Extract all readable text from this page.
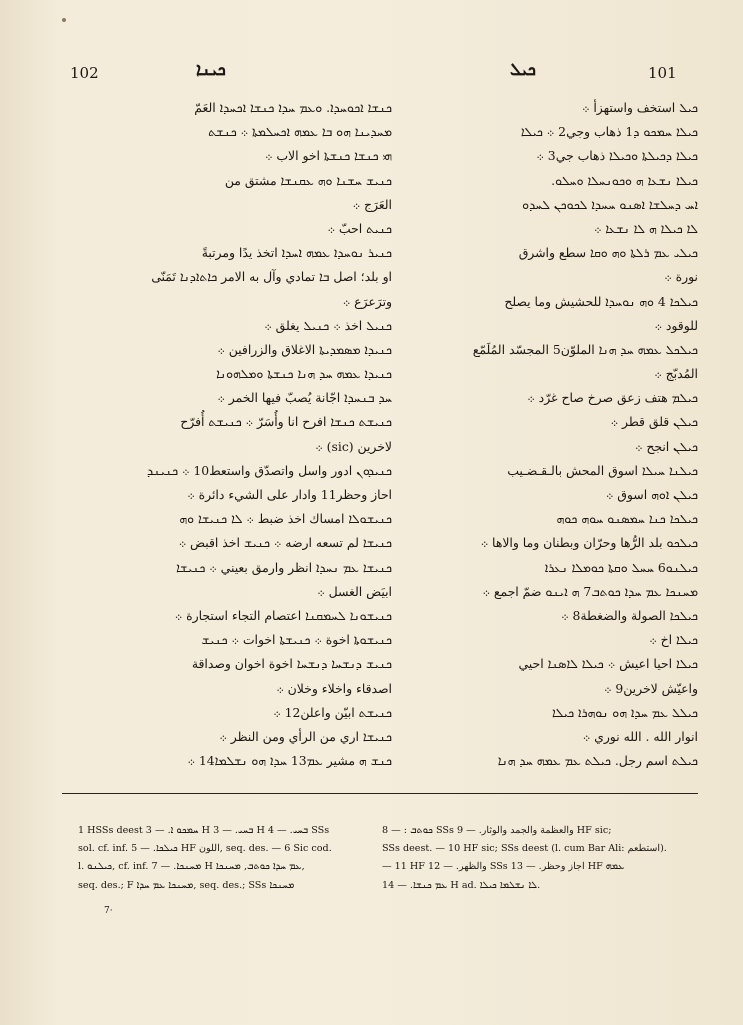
102	ܟܝܢܐ	ܟܝܠ	101
ܟܢܫܐ ܐܟܘܚܕܐ. ܘܥܡ ܚܕܐ ܟܢܫܐ ܐܟܚܕܐ العَمّ
ܡܚܕܝܢܐ ܗܘ ܒܐ ܥܡܗ ܐܟܚܠܡܬܐ ܀ ܟܢܫܬ
ܗܝ ܟܢܫܐ ܟܢܫܬܐ اخو الاب ܀
ܟܢܝܫ ܚܫܢܐ ܘܗ ܥܩܢܫܐ مشتق من
العَرَج ܀
ܟܢܝܬ احبّ ܀
ܟܢܝܪ ܢܘܚܕܐ ܥܡܗ ܐܚܕܐ اتخذ يدًا ومرتبةً
او بلد؛ اصل ܒܐ تمادي وآل به الامر ܟܐܬܐܕܢܐ تَمَنّى
وترَعرَع ܀
ܟܢܝܠ اخذ ܀ ܟܢܝܠ يغلق ܀
ܟܢܝܕܐ ܡܣܡܕܝܬܐ الاغلاق والزرافين ܀
ܟܢܝܕܐ ܥܡܗ ܚܕ ܗܢܐ ܟܢܫܬܐ ܘܡܠܗܘܢܐ
ܚܕ ܒܢܚܕܐ اجّانة يُصبّ فيها الخمر ܀
ܟܢܝܫܬ ܟܢܫܐ افرح انا وأُسَرّ ܀ ܟܢܝܫܬ أُفرّح
لاخرين (sic) ܀
ܟܢܝܕܘܢ ادور واسل واتصدّق واستعط10 ܀ ܟܢܝܢܕ
احاز وحظر11 وادار على الشيء دائرة ܀
ܟܢܝܫܘܠܐ امساك اخذ ضبط ܀ ܠܐ ܟܢܝܫܐ ܘܗ
ܟܢܝܫܐ لم تسعه ارضه ܀ ܟܢܝܫ اخذ اقبض ܀
ܟܢܝܫܐ ܥܡ ܢܚܕܐ انظر وارمق بعيني ܀ ܟܢܝܫܐ
ابيَض الغسل ܀
ܟܢܝܫܘܢܐ ܠܚܡܩܢܐ اعتصام التجاء استجارة ܀
ܟܢܝܫܘܬܐ اخوة ܀ ܟܢܝܫܬܐ اخوات ܀ ܟܢܝܫ
ܟܢܝܫ ܕܢܫܚܐ ܕܢܫܚܐ اخوة اخوان وصداقة
اصدقاء واخلاء وخلان ܀
ܟܢܝܫܬ ابيّن واعلن12 ܀
ܟܢܝܫܐ اري من الرأي ومن النظر ܀
ܟܢܫ ܗ مشير ܥܡ13 ܚܕܐ ܗܘ ܢܫܠܡܐ14 ܀
ܟܝܠ استخف واستهزأ ܀
ܟܝܠܐ ܚܡܟܘ ܕ1 ذهاب وجي2 ܀ ܟܝܠܐ
ܟܝܠܐ ܕܟܝܠܬܐ ܘܟܝܠܐ ذهاب جي3 ܀
ܟܝܠܐ ܢܫܥܐ ܗ ܘܟܘܢܚܠܐ ܘܚܠܘ.
ܐܚ ܕܚܠܫܐ ܐܣܢܘ ܚܚܕܐ ܠܟܘܟܢ ܠܚܕܘ
ܠܐ ܟܝܠܐ ܗ ܠܐ ܢܫܥܐ ܀
ܟܝܠܝ ܥܡ ܪܠܬܐ ܘܗ ܘܩܐ سطع واشرق
نورة ܀
ܟܝܠܟܐ 4 ܘܗ ܢܘܚܕܐ للحشيش وما يصلح
للوقود ܀
ܟܝܠܟܠ ܥܡܗ ܚܕ ܗܢܐ الملوّن5 المجسّد المُلَمّع
المُدبّج ܀
ܟܝܠܡ هتف زعق صرخ صاح غرّد ܀
ܟܝܠܢ قلق قطر ܀
ܟܝܠܢ انجح ܀
ܟܝܠܢܐ ܚܝܠܐ اسوق المحش بالـقـضـيب
ܟܝܠܢ ܐܘܗ اسوق ܀
ܟܝܠܟܐ ܟܢܐ ܚܡܣܢܘ ܚܘܗ ܟܘܗ
ܟܝܠܟܘ بلد الرُّها وحرّان وبطنان وما والاها ܀
ܟܝܠܢܘ6 ܚܚܠ ܘܩܬܐ ܟܘܡܠܐ ܢܥܪܐ
ܡܚܢܟܐ ܥܡ ܚܕܐ ܟܘܬܒ7 ܗ ܐܝܢܘ ضمّ اجمع ܀
ܟܝܠܟܐ الصولة والضغطة8 ܀
ܟܝܠܐ اخ ܀
ܟܝܠܐ احيا اعيش ܀ ܟܝܠܐ ܠܐܣܢܐ احيي
واعيّش لاخرين9 ܀
ܟܝܠܠ ܥܡ ܚܕܐ ܗܘ ܢܘܗܪܐ ܟܝܠܐ
انوار الله . الله نوري ܀
ܟܝܠܬ اسم رجل. ܟܝܠܬ ܥܡ ܥܡܗ ܚܕ ܗܢܐ
1 HSSs deest ܚܡܟܘ ܐ. — 3 H ܒܚܝ. — 3 H ܒܚܝ. — 4 SSs
sol. cf. inf. ܟܝܠܟܐ. — 5 HF اللون, seq. des. — 6 Sic cod.
l. ܟܝܠܢܘ, cf. inf. ܡܚܢܟܐ. — 7 H ܥܡ ܚܕܐ ܟܘܬܒ, ܡܚܢܟܐ,
seq. des.; F ܡܚܢܟܐ ܥܡ ܚܕܐ, seq. des.; SSs ܡܚܢܟܐ
ܟܘܬܒ : — 8 SSs والعظمة والجمد والوثار. — 9 HF sic;
SSs deest. — 10 HF sic; SSs deest (l. cum Bar Ali: استطعم).
— 11 HF والظهر. — 12 SSs اجاز وحظر. — 13 HF ܥܡܗ
ܥܡ ܟܢܫܐ. — 14 H ad. ܠܐ ܢܫܠܡܐ ܟܝܠܐ.
7·
